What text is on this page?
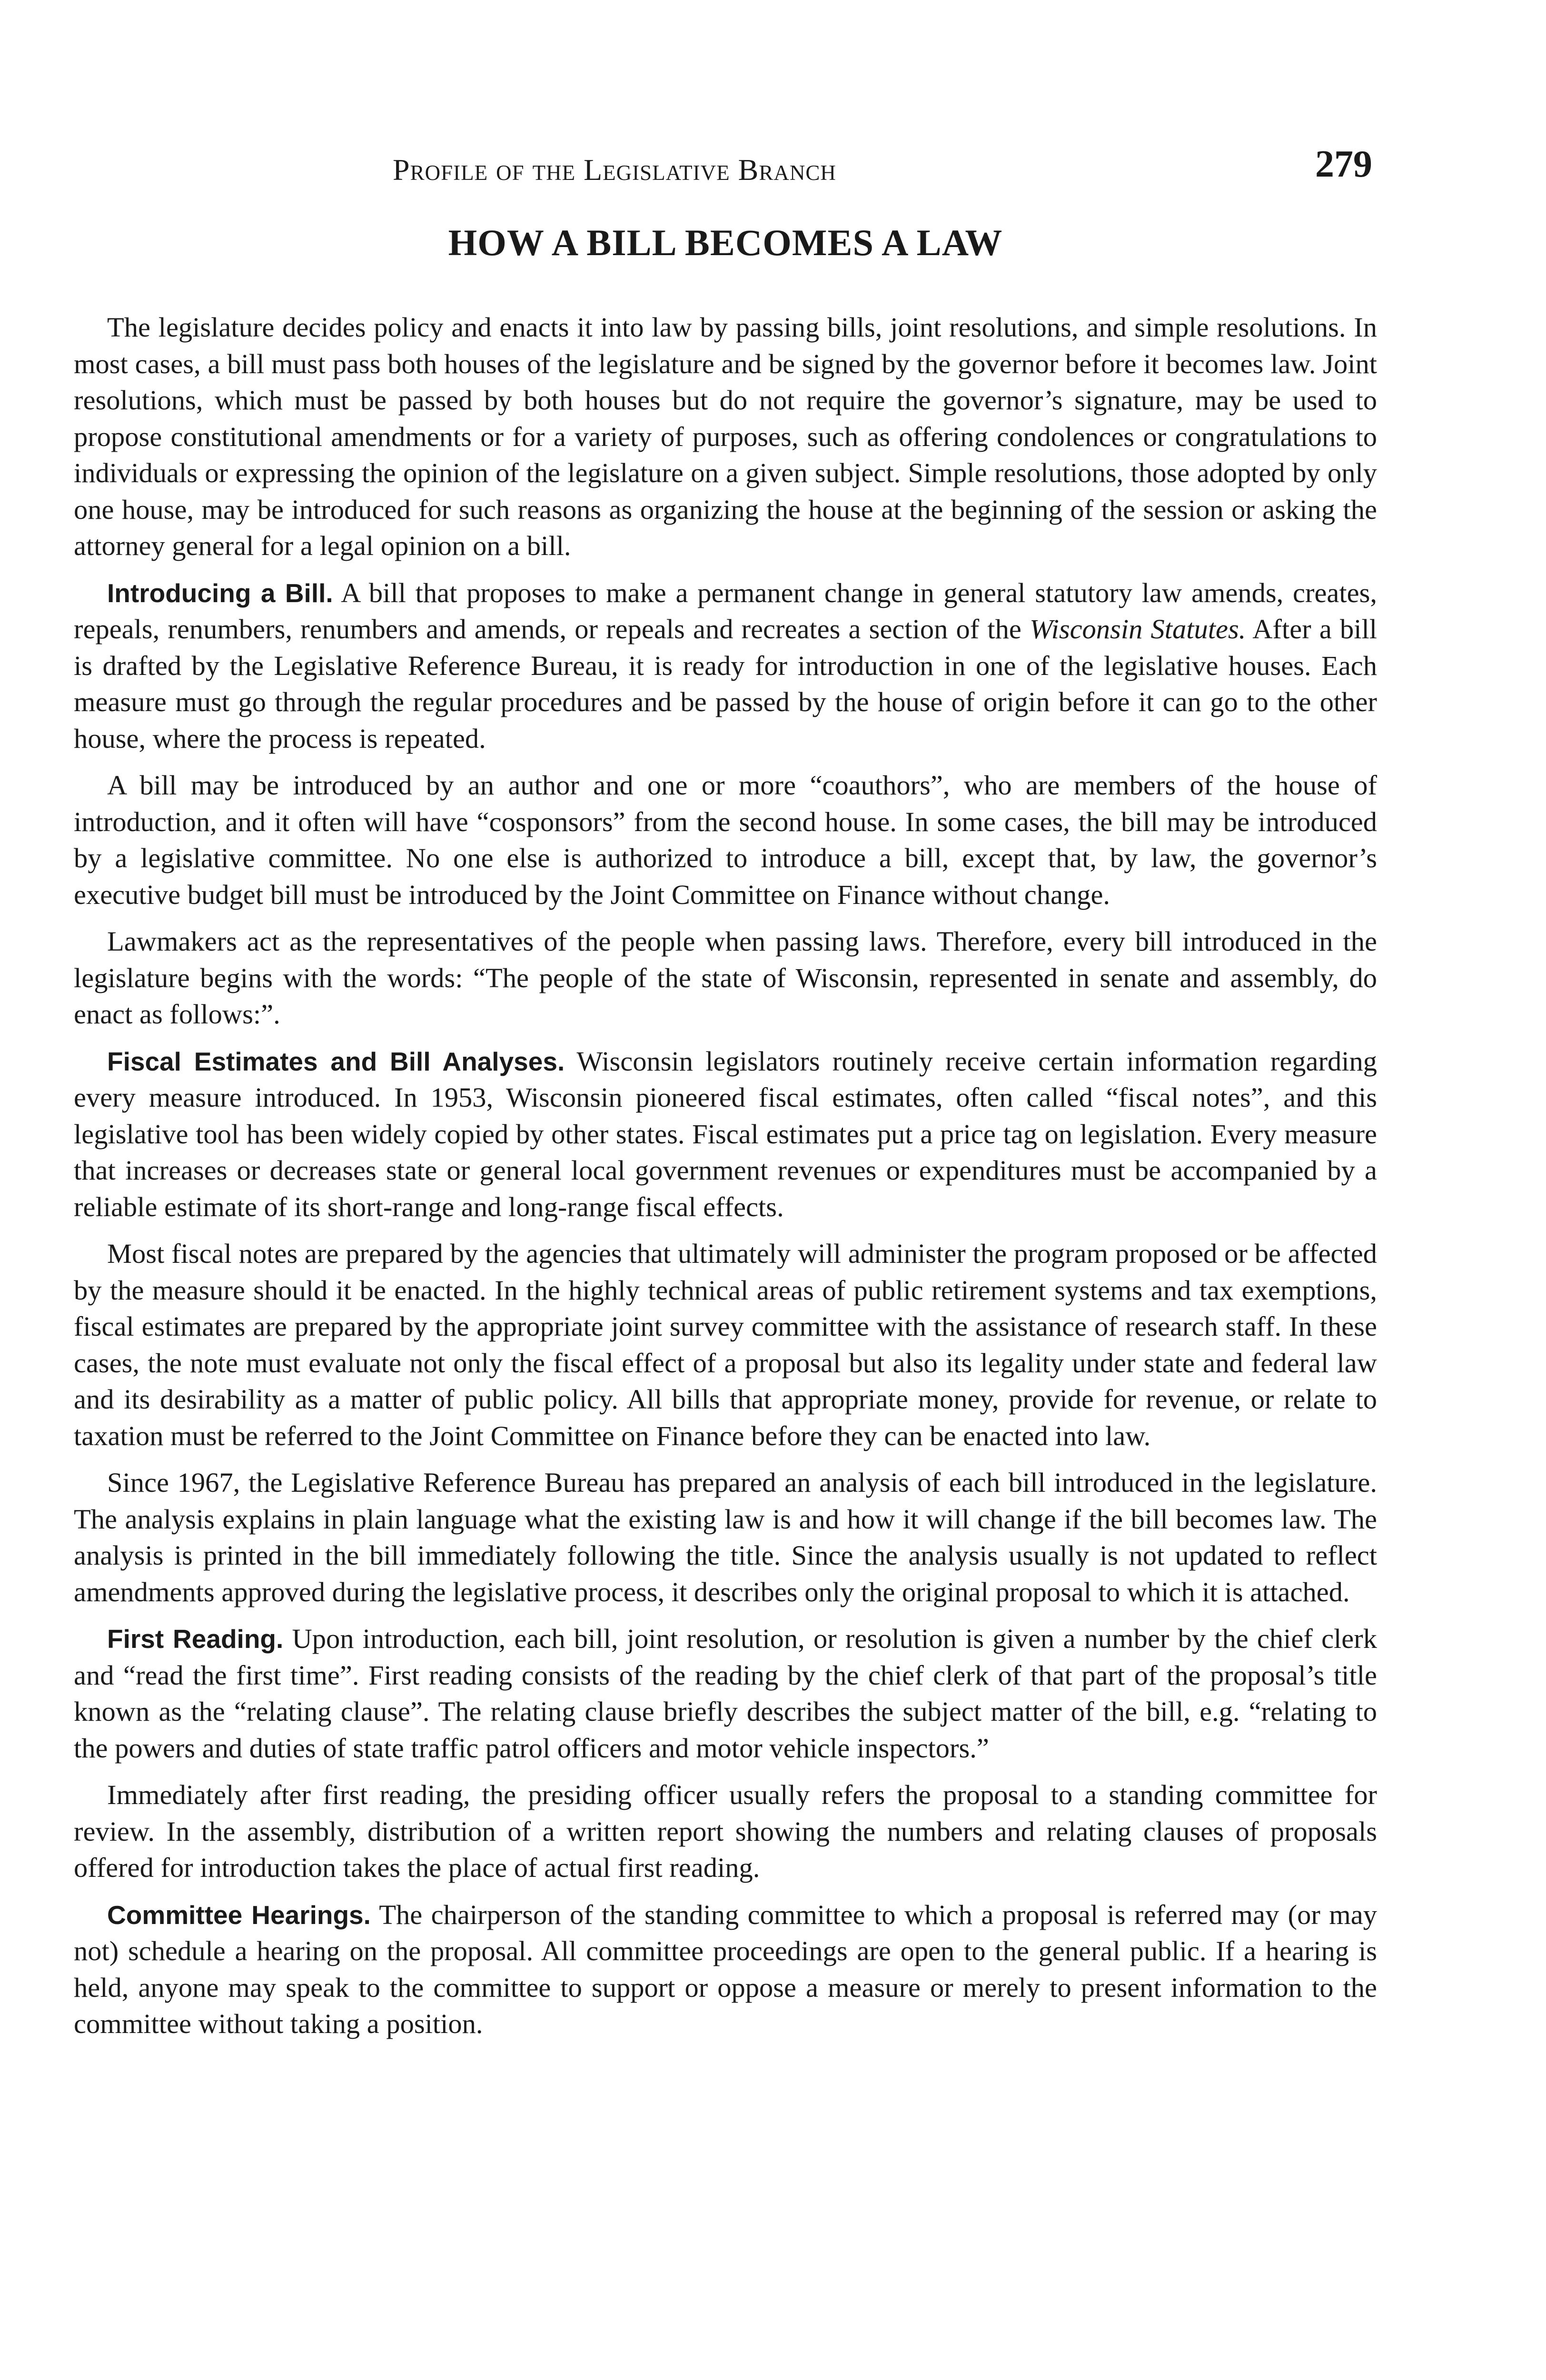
Profile of the Legislative Branch	279
HOW A BILL BECOMES A LAW

The legislature decides policy and enacts it into law by passing bills, joint resolutions, and simple resolutions. In most cases, a bill must pass both houses of the legislature and be signed by the governor before it becomes law. Joint resolutions, which must be passed by both houses but do not require the governor’s signature, may be used to propose constitutional amendments or for a variety of purposes, such as offering condolences or congratulations to individuals or expressing the opinion of the legislature on a given subject. Simple resolutions, those adopted by only one house, may be introduced for such reasons as organizing the house at the beginning of the session or asking the attorney general for a legal opinion on a bill.

Introducing a Bill. A bill that proposes to make a permanent change in general statutory law amends, creates, repeals, renumbers, renumbers and amends, or repeals and recreates a section of the Wisconsin Statutes. After a bill is drafted by the Legislative Reference Bureau, it is ready for introduction in one of the legislative houses. Each measure must go through the regular procedures and be passed by the house of origin before it can go to the other house, where the process is repeated.

A bill may be introduced by an author and one or more “coauthors”, who are members of the house of introduction, and it often will have “cosponsors” from the second house. In some cases, the bill may be introduced by a legislative committee. No one else is authorized to introduce a bill, except that, by law, the governor’s executive budget bill must be introduced by the Joint Committee on Finance without change.

Lawmakers act as the representatives of the people when passing laws. Therefore, every bill introduced in the legislature begins with the words: “The people of the state of Wisconsin, represented in senate and assembly, do enact as follows:”.

Fiscal Estimates and Bill Analyses. Wisconsin legislators routinely receive certain information regarding every measure introduced. In 1953, Wisconsin pioneered fiscal estimates, often called “fiscal notes”, and this legislative tool has been widely copied by other states. Fiscal estimates put a price tag on legislation. Every measure that increases or decreases state or general local government revenues or expenditures must be accompanied by a reliable estimate of its short-range and long-range fiscal effects.

Most fiscal notes are prepared by the agencies that ultimately will administer the program proposed or be affected by the measure should it be enacted. In the highly technical areas of public retirement systems and tax exemptions, fiscal estimates are prepared by the appropriate joint survey committee with the assistance of research staff. In these cases, the note must evaluate not only the fiscal effect of a proposal but also its legality under state and federal law and its desirability as a matter of public policy. All bills that appropriate money, provide for revenue, or relate to taxation must be referred to the Joint Committee on Finance before they can be enacted into law.

Since 1967, the Legislative Reference Bureau has prepared an analysis of each bill introduced in the legislature. The analysis explains in plain language what the existing law is and how it will change if the bill becomes law. The analysis is printed in the bill immediately following the title. Since the analysis usually is not updated to reflect amendments approved during the legislative process, it describes only the original proposal to which it is attached.

First Reading. Upon introduction, each bill, joint resolution, or resolution is given a number by the chief clerk and “read the first time”. First reading consists of the reading by the chief clerk of that part of the proposal’s title known as the “relating clause”. The relating clause briefly describes the subject matter of the bill, e.g. “relating to the powers and duties of state traffic patrol officers and motor vehicle inspectors.”

Immediately after first reading, the presiding officer usually refers the proposal to a standing committee for review. In the assembly, distribution of a written report showing the numbers and relating clauses of proposals offered for introduction takes the place of actual first reading.

Committee Hearings. The chairperson of the standing committee to which a proposal is referred may (or may not) schedule a hearing on the proposal. All committee proceedings are open to the general public. If a hearing is held, anyone may speak to the committee to support or oppose a measure or merely to present information to the committee without taking a position.
